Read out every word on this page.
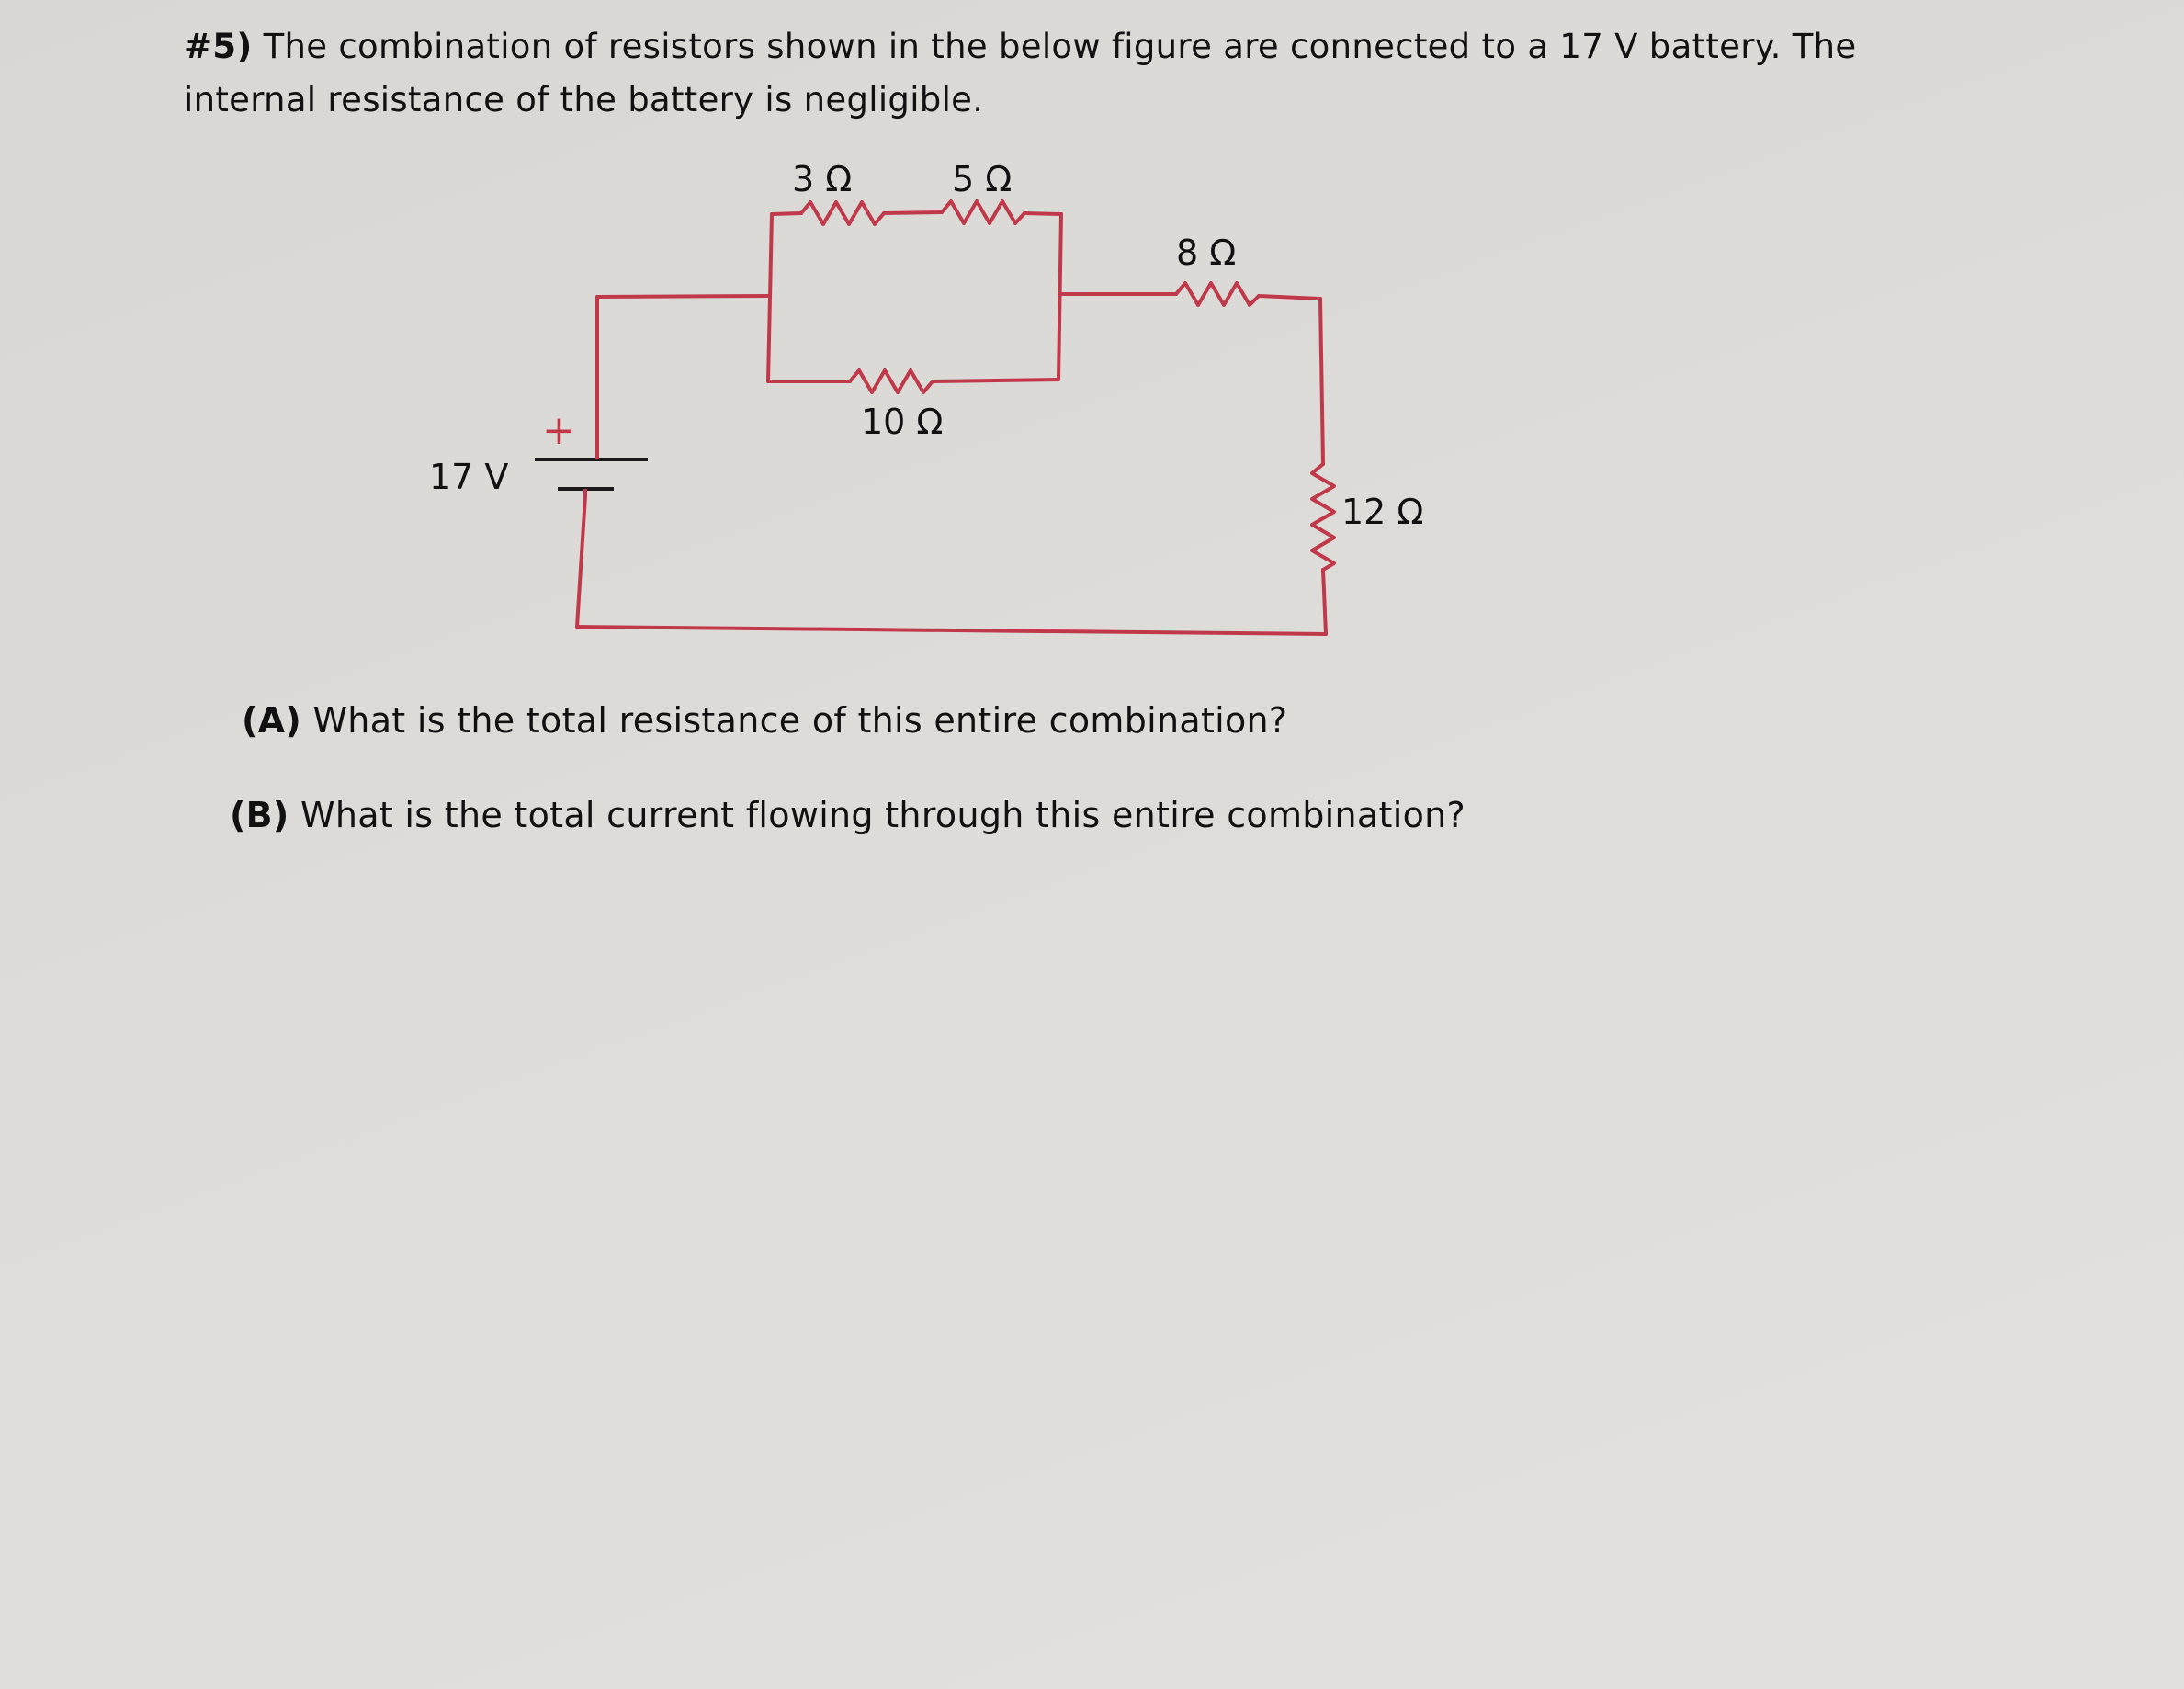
#5) The combination of resistors shown in the below figure are connected to a 17 V battery. The internal resistance of the battery is negligible.
+
17 V
3 Ω	5 Ω
10 Ω
8 Ω
12 Ω
(A) What is the total resistance of this entire combination?
(B) What is the total current flowing through this entire combination?
